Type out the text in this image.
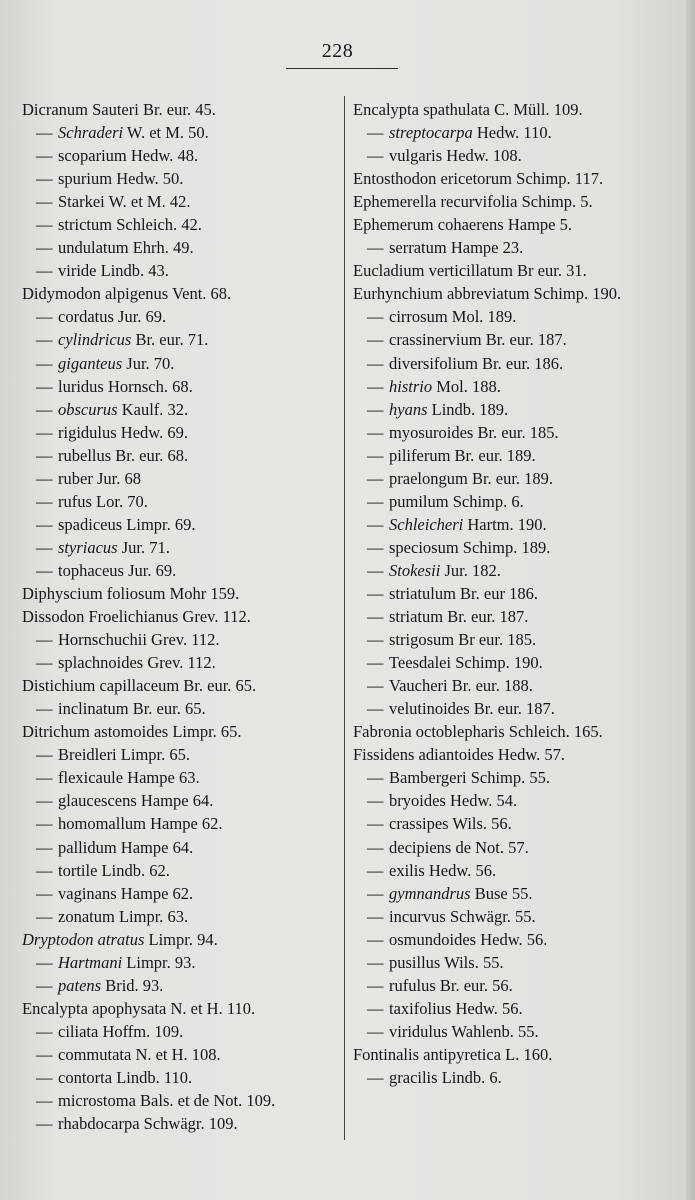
228
Dicranum Sauteri Br. eur. 45.
— Schraderi W. et M. 50.
— scoparium Hedw. 48.
— spurium Hedw. 50.
— Starkei W. et M. 42.
— strictum Schleich. 42.
— undulatum Ehrh. 49.
— viride Lindb. 43.
Didymodon alpigenus Vent. 68.
— cordatus Jur. 69.
— cylindricus Br. eur. 71.
— giganteus Jur. 70.
— luridus Hornsch. 68.
— obscurus Kaulf. 32.
— rigidulus Hedw. 69.
— rubellus Br. eur. 68.
— ruber Jur. 68
— rufus Lor. 70.
— spadiceus Limpr. 69.
— styriacus Jur. 71.
— tophaceus Jur. 69.
Diphyscium foliosum Mohr 159.
Dissodon Froelichianus Grev. 112.
— Hornschuchii Grev. 112.
— splachnoides Grev. 112.
Distichium capillaceum Br. eur. 65.
— inclinatum Br. eur. 65.
Ditrichum astomoides Limpr. 65.
— Breidleri Limpr. 65.
— flexicaule Hampe 63.
— glaucescens Hampe 64.
— homomallum Hampe 62.
— pallidum Hampe 64.
— tortile Lindb. 62.
— vaginans Hampe 62.
— zonatum Limpr. 63.
Dryptodon atratus Limpr. 94.
— Hartmani Limpr. 93.
— patens Brid. 93.
Encalypta apophysata N. et H. 110.
— ciliata Hoffm. 109.
— commutata N. et H. 108.
— contorta Lindb. 110.
— microstoma Bals. et de Not. 109.
— rhabdocarpa Schwägr. 109.
Encalypta spathulata C. Müll. 109.
— streptocarpa Hedw. 110.
— vulgaris Hedw. 108.
Entosthodon ericetorum Schimp. 117.
Ephemerella recurvifolia Schimp. 5.
Ephemerum cohaerens Hampe 5.
— serratum Hampe 23.
Eucladium verticillatum Br eur. 31.
Eurhynchium abbreviatum Schimp. 190.
— cirrosum Mol. 189.
— crassinervium Br. eur. 187.
— diversifolium Br. eur. 186.
— histrio Mol. 188.
— hyans Lindb. 189.
— myosuroides Br. eur. 185.
— piliferum Br. eur. 189.
— praelongum Br. eur. 189.
— pumilum Schimp. 6.
— Schleicheri Hartm. 190.
— speciosum Schimp. 189.
— Stokesii Jur. 182.
— striatulum Br. eur 186.
— striatum Br. eur. 187.
— strigosum Br eur. 185.
— Teesdalei Schimp. 190.
— Vaucheri Br. eur. 188.
— velutinoides Br. eur. 187.
Fabronia octoblepharis Schleich. 165.
Fissidens adiantoides Hedw. 57.
— Bambergeri Schimp. 55.
— bryoides Hedw. 54.
— crassipes Wils. 56.
— decipiens de Not. 57.
— exilis Hedw. 56.
— gymnandrus Buse 55.
— incurvus Schwägr. 55.
— osmundoides Hedw. 56.
— pusillus Wils. 55.
— rufulus Br. eur. 56.
— taxifolius Hedw. 56.
— viridulus Wahlenb. 55.
Fontinalis antipyretica L. 160.
— gracilis Lindb. 6.
